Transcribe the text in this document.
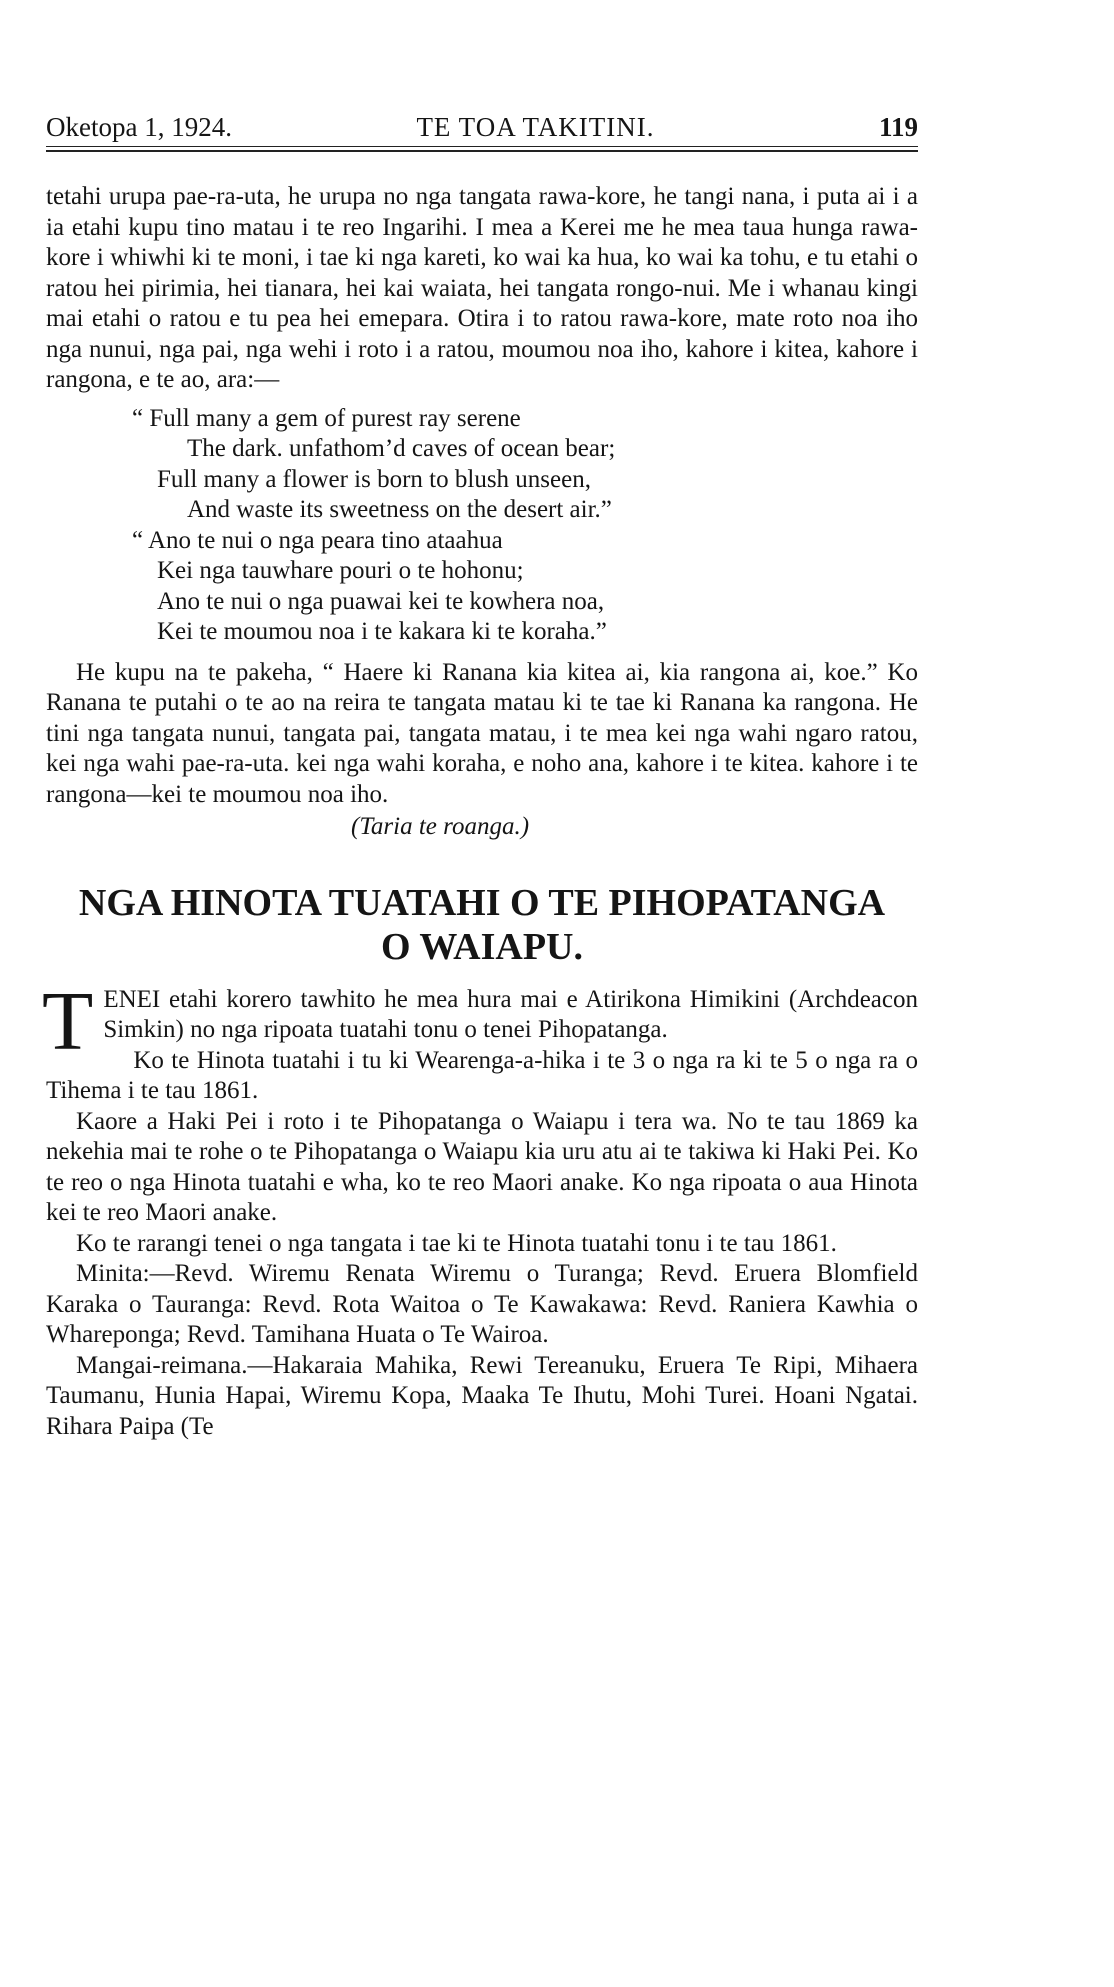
Oketopa 1, 1924.	TE TOA TAKITINI.	119

tetahi urupa pae-ra-uta, he urupa no nga tangata rawa-kore, he tangi nana, i puta ai i a ia etahi kupu tino matau i te reo Ingarihi. I mea a Kerei me he mea taua hunga rawa-kore i whiwhi ki te moni, i tae ki nga kareti, ko wai ka hua, ko wai ka tohu, e tu etahi o ratou hei pirimia, hei tianara, hei kai waiata, hei tangata rongo-nui. Me i whanau kingi mai etahi o ratou e tu pea hei emepara. Otira i to ratou rawa-kore, mate roto noa iho nga nunui, nga pai, nga wehi i roto i a ratou, moumou noa iho, kahore i kitea, kahore i rangona, e te ao, ara:—

“ Full many a gem of purest ray serene
The dark. unfathom’d caves of ocean bear;
Full many a flower is born to blush unseen,
And waste its sweetness on the desert air.”
“ Ano te nui o nga peara tino ataahua
Kei nga tauwhare pouri o te hohonu;
Ano te nui o nga puawai kei te kowhera noa,
Kei te moumou noa i te kakara ki te koraha.”

He kupu na te pakeha, “ Haere ki Ranana kia kitea ai, kia rangona ai, koe.” Ko Ranana te putahi o te ao na reira te tangata matau ki te tae ki Ranana ka rangona. He tini nga tangata nunui, tangata pai, tangata matau, i te mea kei nga wahi ngaro ratou, kei nga wahi pae-ra-uta. kei nga wahi koraha, e noho ana, kahore i te kitea. kahore i te rangona—kei te moumou noa iho.

(Taria te roanga.)
NGA HINOTA TUATAHI O TE PIHOPATANGA
O WAIAPU.

TENEI etahi korero tawhito he mea hura mai e Atirikona Himikini (Archdeacon Simkin) no nga ripoata tuatahi tonu o tenei Pihopatanga.

Ko te Hinota tuatahi i tu ki Wearenga-a-hika i te 3 o nga ra ki te 5 o nga ra o Tihema i te tau 1861.

Kaore a Haki Pei i roto i te Pihopatanga o Waiapu i tera wa. No te tau 1869 ka nekehia mai te rohe o te Pihopatanga o Waiapu kia uru atu ai te takiwa ki Haki Pei. Ko te reo o nga Hinota tuatahi e wha, ko te reo Maori anake. Ko nga ripoata o aua Hinota kei te reo Maori anake.

Ko te rarangi tenei o nga tangata i tae ki te Hinota tuatahi tonu i te tau 1861.

Minita:—Revd. Wiremu Renata Wiremu o Turanga; Revd. Eruera Blomfield Karaka o Tauranga: Revd. Rota Waitoa o Te Kawakawa: Revd. Raniera Kawhia o Whareponga; Revd. Tamihana Huata o Te Wairoa.

Mangai-reimana.—Hakaraia Mahika, Rewi Tereanuku, Eruera Te Ripi, Mihaera Taumanu, Hunia Hapai, Wiremu Kopa, Maaka Te Ihutu, Mohi Turei. Hoani Ngatai. Rihara Paipa (Te
